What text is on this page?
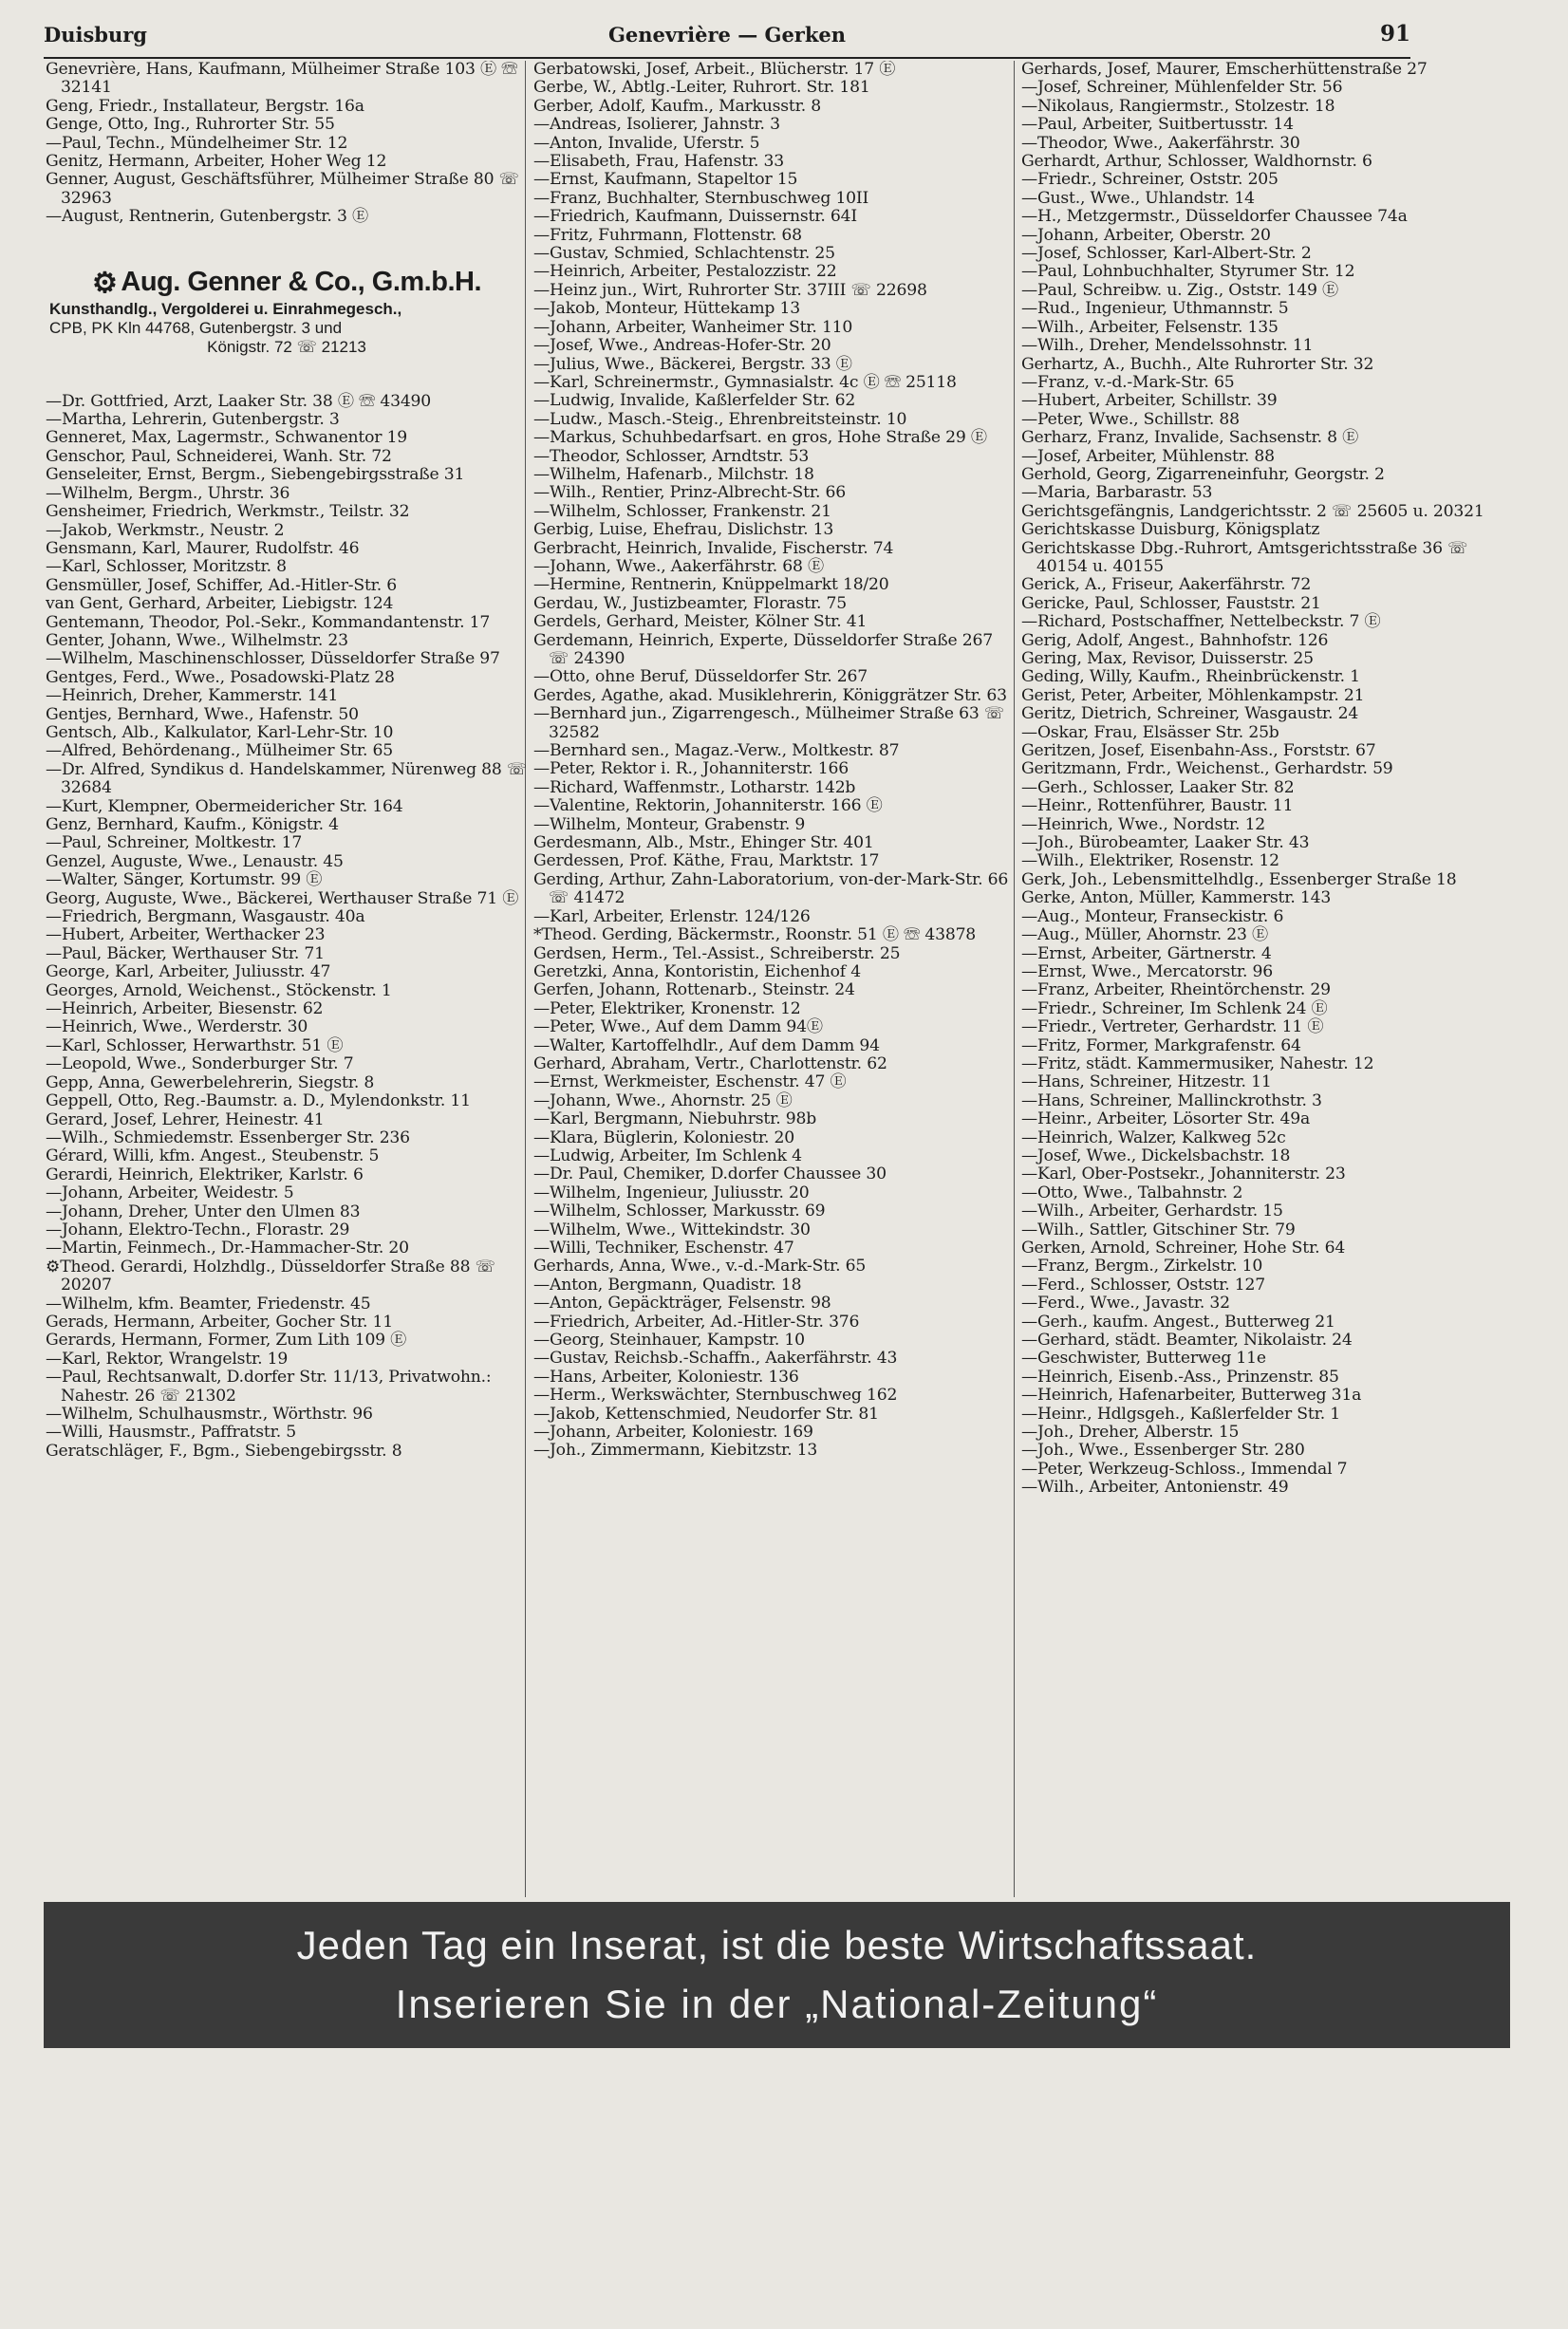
Duisburg	Genevrière — Gerken	91

Genevrière, Hans, Kaufmann, Mülheimer Straße 103 Ⓔ ☏ 32141

Geng, Friedr., Installateur, Bergstr. 16a

Genge, Otto, Ing., Ruhrorter Str. 55

—Paul, Techn., Mündelheimer Str. 12

Genitz, Hermann, Arbeiter, Hoher Weg 12

Genner, August, Geschäftsführer, Mülheimer Straße 80 ☏ 32963

—August, Rentnerin, Gutenbergstr. 3 Ⓔ

⚙ Aug. Genner & Co., G.m.b.H.
Kunsthandlg., Vergolderei u. Einrahmegesch.,
CPB, PK Kln 44768, Gutenbergstr. 3 und
Königstr. 72 ☏ 21213

—Dr. Gottfried, Arzt, Laaker Str. 38 Ⓔ ☏ 43490

—Martha, Lehrerin, Gutenbergstr. 3

Genneret, Max, Lagermstr., Schwanentor 19

Genschor, Paul, Schneiderei, Wanh. Str. 72

Genseleiter, Ernst, Bergm., Siebengebirgsstraße 31

—Wilhelm, Bergm., Uhrstr. 36

Gensheimer, Friedrich, Werkmstr., Teilstr. 32

—Jakob, Werkmstr., Neustr. 2

Gensmann, Karl, Maurer, Rudolfstr. 46

—Karl, Schlosser, Moritzstr. 8

Gensmüller, Josef, Schiffer, Ad.-Hitler-Str. 6

van Gent, Gerhard, Arbeiter, Liebigstr. 124

Gentemann, Theodor, Pol.-Sekr., Kommandantenstr. 17

Genter, Johann, Wwe., Wilhelmstr. 23

—Wilhelm, Maschinenschlosser, Düsseldorfer Straße 97

Gentges, Ferd., Wwe., Posadowski-Platz 28

—Heinrich, Dreher, Kammerstr. 141

Gentjes, Bernhard, Wwe., Hafenstr. 50

Gentsch, Alb., Kalkulator, Karl-Lehr-Str. 10

—Alfred, Behördenang., Mülheimer Str. 65

—Dr. Alfred, Syndikus d. Handelskammer, Nürenweg 88 ☏ 32684

—Kurt, Klempner, Obermeidericher Str. 164

Genz, Bernhard, Kaufm., Königstr. 4

—Paul, Schreiner, Moltkestr. 17

Genzel, Auguste, Wwe., Lenaustr. 45

—Walter, Sänger, Kortumstr. 99 Ⓔ

Georg, Auguste, Wwe., Bäckerei, Werthauser Straße 71 Ⓔ

—Friedrich, Bergmann, Wasgaustr. 40a

—Hubert, Arbeiter, Werthacker 23

—Paul, Bäcker, Werthauser Str. 71

George, Karl, Arbeiter, Juliusstr. 47

Georges, Arnold, Weichenst., Stöckenstr. 1

—Heinrich, Arbeiter, Biesenstr. 62

—Heinrich, Wwe., Werderstr. 30

—Karl, Schlosser, Herwarthstr. 51 Ⓔ

—Leopold, Wwe., Sonderburger Str. 7

Gepp, Anna, Gewerbelehrerin, Siegstr. 8

Geppell, Otto, Reg.-Baumstr. a. D., Mylendonkstr. 11

Gerard, Josef, Lehrer, Heinestr. 41

—Wilh., Schmiedemstr. Essenberger Str. 236

Gérard, Willi, kfm. Angest., Steubenstr. 5

Gerardi, Heinrich, Elektriker, Karlstr. 6

—Johann, Arbeiter, Weidestr. 5

—Johann, Dreher, Unter den Ulmen 83

—Johann, Elektro-Techn., Florastr. 29

—Martin, Feinmech., Dr.-Hammacher-Str. 20

⚙Theod. Gerardi, Holzhdlg., Düsseldorfer Straße 88 ☏ 20207

—Wilhelm, kfm. Beamter, Friedenstr. 45

Gerads, Hermann, Arbeiter, Gocher Str. 11

Gerards, Hermann, Former, Zum Lith 109 Ⓔ

—Karl, Rektor, Wrangelstr. 19

—Paul, Rechtsanwalt, D.dorfer Str. 11/13, Privatwohn.: Nahestr. 26 ☏ 21302

—Wilhelm, Schulhausmstr., Wörthstr. 96

—Willi, Hausmstr., Paffratstr. 5

Geratschläger, F., Bgm., Siebengebirgsstr. 8

Gerbatowski, Josef, Arbeit., Blücherstr. 17 Ⓔ

Gerbe, W., Abtlg.-Leiter, Ruhrort. Str. 181

Gerber, Adolf, Kaufm., Markusstr. 8

—Andreas, Isolierer, Jahnstr. 3

—Anton, Invalide, Uferstr. 5

—Elisabeth, Frau, Hafenstr. 33

—Ernst, Kaufmann, Stapeltor 15

—Franz, Buchhalter, Sternbuschweg 10II

—Friedrich, Kaufmann, Duissernstr. 64I

—Fritz, Fuhrmann, Flottenstr. 68

—Gustav, Schmied, Schlachtenstr. 25

—Heinrich, Arbeiter, Pestalozzistr. 22

—Heinz jun., Wirt, Ruhrorter Str. 37III ☏ 22698

—Jakob, Monteur, Hüttekamp 13

—Johann, Arbeiter, Wanheimer Str. 110

—Josef, Wwe., Andreas-Hofer-Str. 20

—Julius, Wwe., Bäckerei, Bergstr. 33 Ⓔ

—Karl, Schreinermstr., Gymnasialstr. 4c Ⓔ ☏ 25118

—Ludwig, Invalide, Kaßlerfelder Str. 62

—Ludw., Masch.-Steig., Ehrenbreitsteinstr. 10

—Markus, Schuhbedarfsart. en gros, Hohe Straße 29 Ⓔ

—Theodor, Schlosser, Arndtstr. 53

—Wilhelm, Hafenarb., Milchstr. 18

—Wilh., Rentier, Prinz-Albrecht-Str. 66

—Wilhelm, Schlosser, Frankenstr. 21

Gerbig, Luise, Ehefrau, Dislichstr. 13

Gerbracht, Heinrich, Invalide, Fischerstr. 74

—Johann, Wwe., Aakerfährstr. 68 Ⓔ

—Hermine, Rentnerin, Knüppelmarkt 18/20

Gerdau, W., Justizbeamter, Florastr. 75

Gerdels, Gerhard, Meister, Kölner Str. 41

Gerdemann, Heinrich, Experte, Düsseldorfer Straße 267 ☏ 24390

—Otto, ohne Beruf, Düsseldorfer Str. 267

Gerdes, Agathe, akad. Musiklehrerin, Königgrätzer Str. 63

—Bernhard jun., Zigarrengesch., Mülheimer Straße 63 ☏ 32582

—Bernhard sen., Magaz.-Verw., Moltkestr. 87

—Peter, Rektor i. R., Johanniterstr. 166

—Richard, Waffenmstr., Lotharstr. 142b

—Valentine, Rektorin, Johanniterstr. 166 Ⓔ

—Wilhelm, Monteur, Grabenstr. 9

Gerdesmann, Alb., Mstr., Ehinger Str. 401

Gerdessen, Prof. Käthe, Frau, Marktstr. 17

Gerding, Arthur, Zahn-Laboratorium, von-der-Mark-Str. 66 ☏ 41472

—Karl, Arbeiter, Erlenstr. 124/126

*Theod. Gerding, Bäckermstr., Roonstr. 51 Ⓔ ☏ 43878

Gerdsen, Herm., Tel.-Assist., Schreiberstr. 25

Geretzki, Anna, Kontoristin, Eichenhof 4

Gerfen, Johann, Rottenarb., Steinstr. 24

—Peter, Elektriker, Kronenstr. 12

—Peter, Wwe., Auf dem Damm 94Ⓔ

—Walter, Kartoffelhdlr., Auf dem Damm 94

Gerhard, Abraham, Vertr., Charlottenstr. 62

—Ernst, Werkmeister, Eschenstr. 47 Ⓔ

—Johann, Wwe., Ahornstr. 25 Ⓔ

—Karl, Bergmann, Niebuhrstr. 98b

—Klara, Büglerin, Koloniestr. 20

—Ludwig, Arbeiter, Im Schlenk 4

—Dr. Paul, Chemiker, D.dorfer Chaussee 30

—Wilhelm, Ingenieur, Juliusstr. 20

—Wilhelm, Schlosser, Markusstr. 69

—Wilhelm, Wwe., Wittekindstr. 30

—Willi, Techniker, Eschenstr. 47

Gerhards, Anna, Wwe., v.-d.-Mark-Str. 65

—Anton, Bergmann, Quadistr. 18

—Anton, Gepäckträger, Felsenstr. 98

—Friedrich, Arbeiter, Ad.-Hitler-Str. 376

—Georg, Steinhauer, Kampstr. 10

—Gustav, Reichsb.-Schaffn., Aakerfährstr. 43

—Hans, Arbeiter, Koloniestr. 136

—Herm., Werkswächter, Sternbuschweg 162

—Jakob, Kettenschmied, Neudorfer Str. 81

—Johann, Arbeiter, Koloniestr. 169

—Joh., Zimmermann, Kiebitzstr. 13

Gerhards, Josef, Maurer, Emscherhüttenstraße 27

—Josef, Schreiner, Mühlenfelder Str. 56

—Nikolaus, Rangiermstr., Stolzestr. 18

—Paul, Arbeiter, Suitbertusstr. 14

—Theodor, Wwe., Aakerfährstr. 30

Gerhardt, Arthur, Schlosser, Waldhornstr. 6

—Friedr., Schreiner, Oststr. 205

—Gust., Wwe., Uhlandstr. 14

—H., Metzgermstr., Düsseldorfer Chaussee 74a

—Johann, Arbeiter, Oberstr. 20

—Josef, Schlosser, Karl-Albert-Str. 2

—Paul, Lohnbuchhalter, Styrumer Str. 12

—Paul, Schreibw. u. Zig., Oststr. 149 Ⓔ

—Rud., Ingenieur, Uthmannstr. 5

—Wilh., Arbeiter, Felsenstr. 135

—Wilh., Dreher, Mendelssohnstr. 11

Gerhartz, A., Buchh., Alte Ruhrorter Str. 32

—Franz, v.-d.-Mark-Str. 65

—Hubert, Arbeiter, Schillstr. 39

—Peter, Wwe., Schillstr. 88

Gerharz, Franz, Invalide, Sachsenstr. 8 Ⓔ

—Josef, Arbeiter, Mühlenstr. 88

Gerhold, Georg, Zigarreneinfuhr, Georgstr. 2

—Maria, Barbarastr. 53

Gerichtsgefängnis, Landgerichtsstr. 2 ☏ 25605 u. 20321

Gerichtskasse Duisburg, Königsplatz

Gerichtskasse Dbg.-Ruhrort, Amtsgerichtsstraße 36 ☏ 40154 u. 40155

Gerick, A., Friseur, Aakerfährstr. 72

Gericke, Paul, Schlosser, Fauststr. 21

—Richard, Postschaffner, Nettelbeckstr. 7 Ⓔ

Gerig, Adolf, Angest., Bahnhofstr. 126

Gering, Max, Revisor, Duisserstr. 25

Geding, Willy, Kaufm., Rheinbrückenstr. 1

Gerist, Peter, Arbeiter, Möhlenkampstr. 21

Geritz, Dietrich, Schreiner, Wasgaustr. 24

—Oskar, Frau, Elsässer Str. 25b

Geritzen, Josef, Eisenbahn-Ass., Forststr. 67

Geritzmann, Frdr., Weichenst., Gerhardstr. 59

—Gerh., Schlosser, Laaker Str. 82

—Heinr., Rottenführer, Baustr. 11

—Heinrich, Wwe., Nordstr. 12

—Joh., Bürobeamter, Laaker Str. 43

—Wilh., Elektriker, Rosenstr. 12

Gerk, Joh., Lebensmittelhdlg., Essenberger Straße 18

Gerke, Anton, Müller, Kammerstr. 143

—Aug., Monteur, Franseckistr. 6

—Aug., Müller, Ahornstr. 23 Ⓔ

—Ernst, Arbeiter, Gärtnerstr. 4

—Ernst, Wwe., Mercatorstr. 96

—Franz, Arbeiter, Rheintörchenstr. 29

—Friedr., Schreiner, Im Schlenk 24 Ⓔ

—Friedr., Vertreter, Gerhardstr. 11 Ⓔ

—Fritz, Former, Markgrafenstr. 64

—Fritz, städt. Kammermusiker, Nahestr. 12

—Hans, Schreiner, Hitzestr. 11

—Hans, Schreiner, Mallinckrothstr. 3

—Heinr., Arbeiter, Lösorter Str. 49a

—Heinrich, Walzer, Kalkweg 52c

—Josef, Wwe., Dickelsbachstr. 18

—Karl, Ober-Postsekr., Johanniterstr. 23

—Otto, Wwe., Talbahnstr. 2

—Wilh., Arbeiter, Gerhardstr. 15

—Wilh., Sattler, Gitschiner Str. 79

Gerken, Arnold, Schreiner, Hohe Str. 64

—Franz, Bergm., Zirkelstr. 10

—Ferd., Schlosser, Oststr. 127

—Ferd., Wwe., Javastr. 32

—Gerh., kaufm. Angest., Butterweg 21

—Gerhard, städt. Beamter, Nikolaistr. 24

—Geschwister, Butterweg 11e

—Heinrich, Eisenb.-Ass., Prinzenstr. 85

—Heinrich, Hafenarbeiter, Butterweg 31a

—Heinr., Hdlgsgeh., Kaßlerfelder Str. 1

—Joh., Dreher, Alberstr. 15

—Joh., Wwe., Essenberger Str. 280

—Peter, Werkzeug-Schloss., Immendal 7

—Wilh., Arbeiter, Antonienstr. 49

Jeden Tag ein Inserat, ist die beste Wirtschaftssaat.
Inserieren Sie in der „National-Zeitung“
